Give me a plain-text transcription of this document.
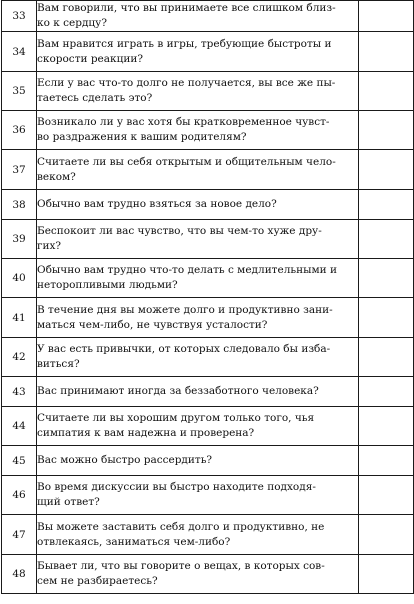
33	Вам говорили, что вы принимаете все слишком близ-
ко к сердцу?	
34	Вам нравится играть в игры, требующие быстроты и
скорости реакции?	
35	Если у вас что-то долго не получается, вы все же пы-
таетесь сделать это?	
36	Возникало ли у вас хотя бы кратковременное чувст-
во раздражения к вашим родителям?	
37	Считаете ли вы себя открытым и общительным чело-
веком?	
38	Обычно вам трудно взяться за новое дело?	
39	Беспокоит ли вас чувство, что вы чем-то хуже дру-
гих?	
40	Обычно вам трудно что-то делать с медлительными и
неторопливыми людьми?	
41	В течение дня вы можете долго и продуктивно зани-
маться чем-либо, не чувствуя усталости?	
42	У вас есть привычки, от которых следовало бы изба-
виться?	
43	Вас принимают иногда за беззаботного человека?	
44	Считаете ли вы хорошим другом только того, чья
симпатия к вам надежна и проверена?	
45	Вас можно быстро рассердить?	
46	Во время дискуссии вы быстро находите подходя-
щий ответ?	
47	Вы можете заставить себя долго и продуктивно, не
отвлекаясь, заниматься чем-либо?	
48	Бывает ли, что вы говорите о вещах, в которых сов-
сем не разбираетесь?	
